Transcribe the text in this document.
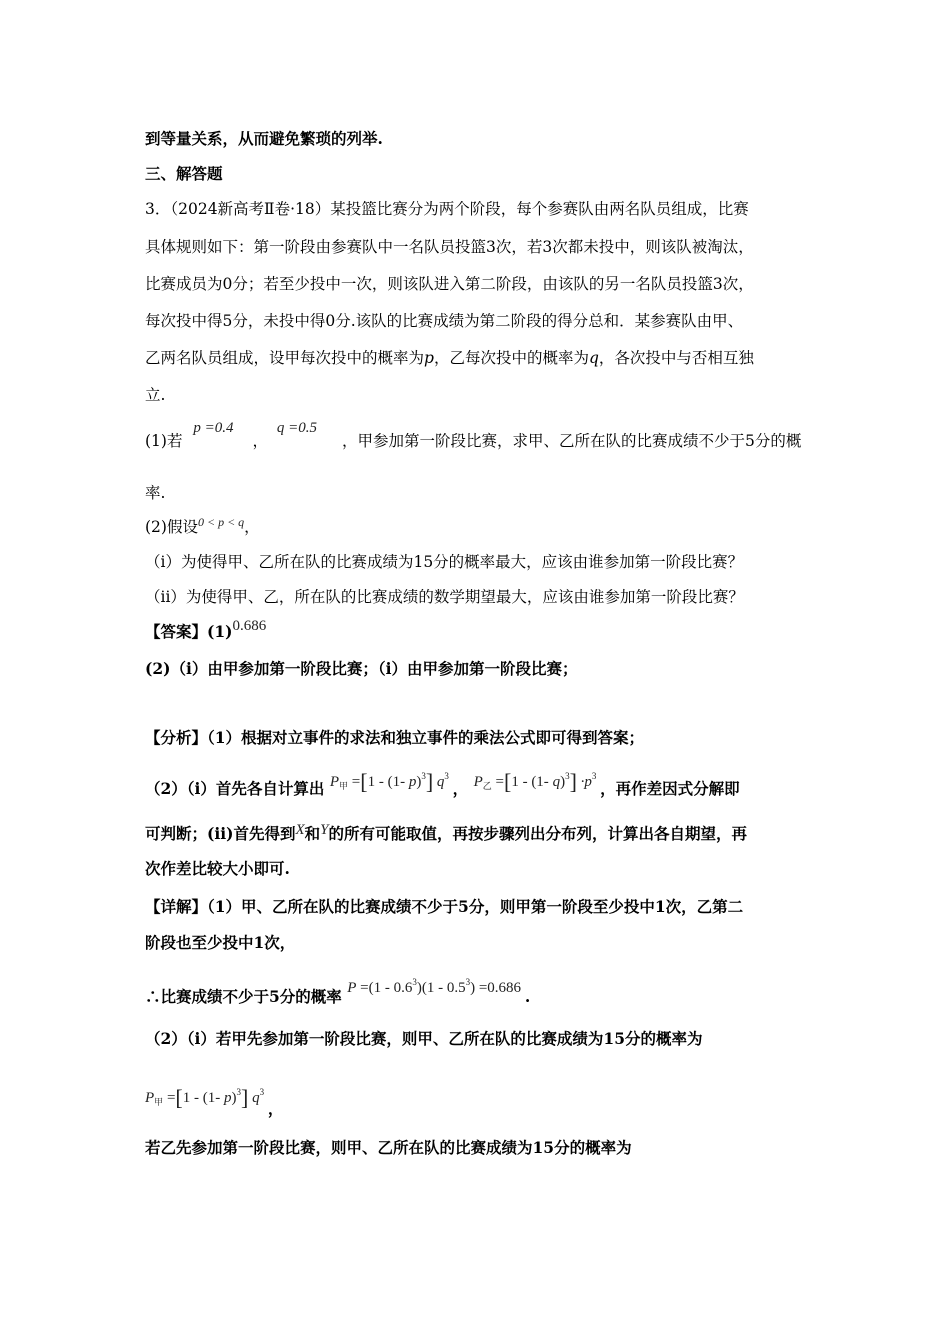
到等量关系，从而避免繁琐的列举.
三、解答题
3．（2024新高考Ⅱ卷·18）某投篮比赛分为两个阶段，每个参赛队由两名队员组成，比赛
具体规则如下：第一阶段由参赛队中一名队员投篮3次，若3次都未投中，则该队被淘汰，
比赛成员为0分；若至少投中一次，则该队进入第二阶段，由该队的另一名队员投篮3次，
每次投中得5分，未投中得0分.该队的比赛成绩为第二阶段的得分总和．某参赛队由甲、
乙两名队员组成，设甲每次投中的概率为p，乙每次投中的概率为q，各次投中与否相互独
立.
(1)若 p =0.4 ， q =0.5 ，甲参加第一阶段比赛，求甲、乙所在队的比赛成绩不少于5分的概
率.
(2)假设$^{0 < p < q}$，
（i）为使得甲、乙所在队的比赛成绩为15分的概率最大，应该由谁参加第一阶段比赛？
（ii）为使得甲、乙，所在队的比赛成绩的数学期望最大，应该由谁参加第一阶段比赛？
【答案】(1)0.686
(2)（i）由甲参加第一阶段比赛；（i）由甲参加第一阶段比赛；
【分析】（1）根据对立事件的求法和独立事件的乘法公式即可得到答案；
（2）（i）首先各自计算出 $P_甲 =[1 - (1-$ p)$^3$] $q^3$ ， $P_乙 =[1 - (1-$ $q)^3] \cdot p^3$ ，再作差因式分解即
可判断；(ii)首先得到X和Y的所有可能取值，再按步骤列出分布列，计算出各自期望，再
次作差比较大小即可.
【详解】（1）甲、乙所在队的比赛成绩不少于5分，则甲第一阶段至少投中1次，乙第二
阶段也至少投中1次，
∴比赛成绩不少于5分的概率 $P =(1 - 0.6^3)(1 - 0.5^3) =0.686$ .
（2）（i）若甲先参加第一阶段比赛，则甲、乙所在队的比赛成绩为15分的概率为
$P_甲 =[1 - (1-$ p)$^3$] $q^3$ ，
若乙先参加第一阶段比赛，则甲、乙所在队的比赛成绩为15分的概率为
